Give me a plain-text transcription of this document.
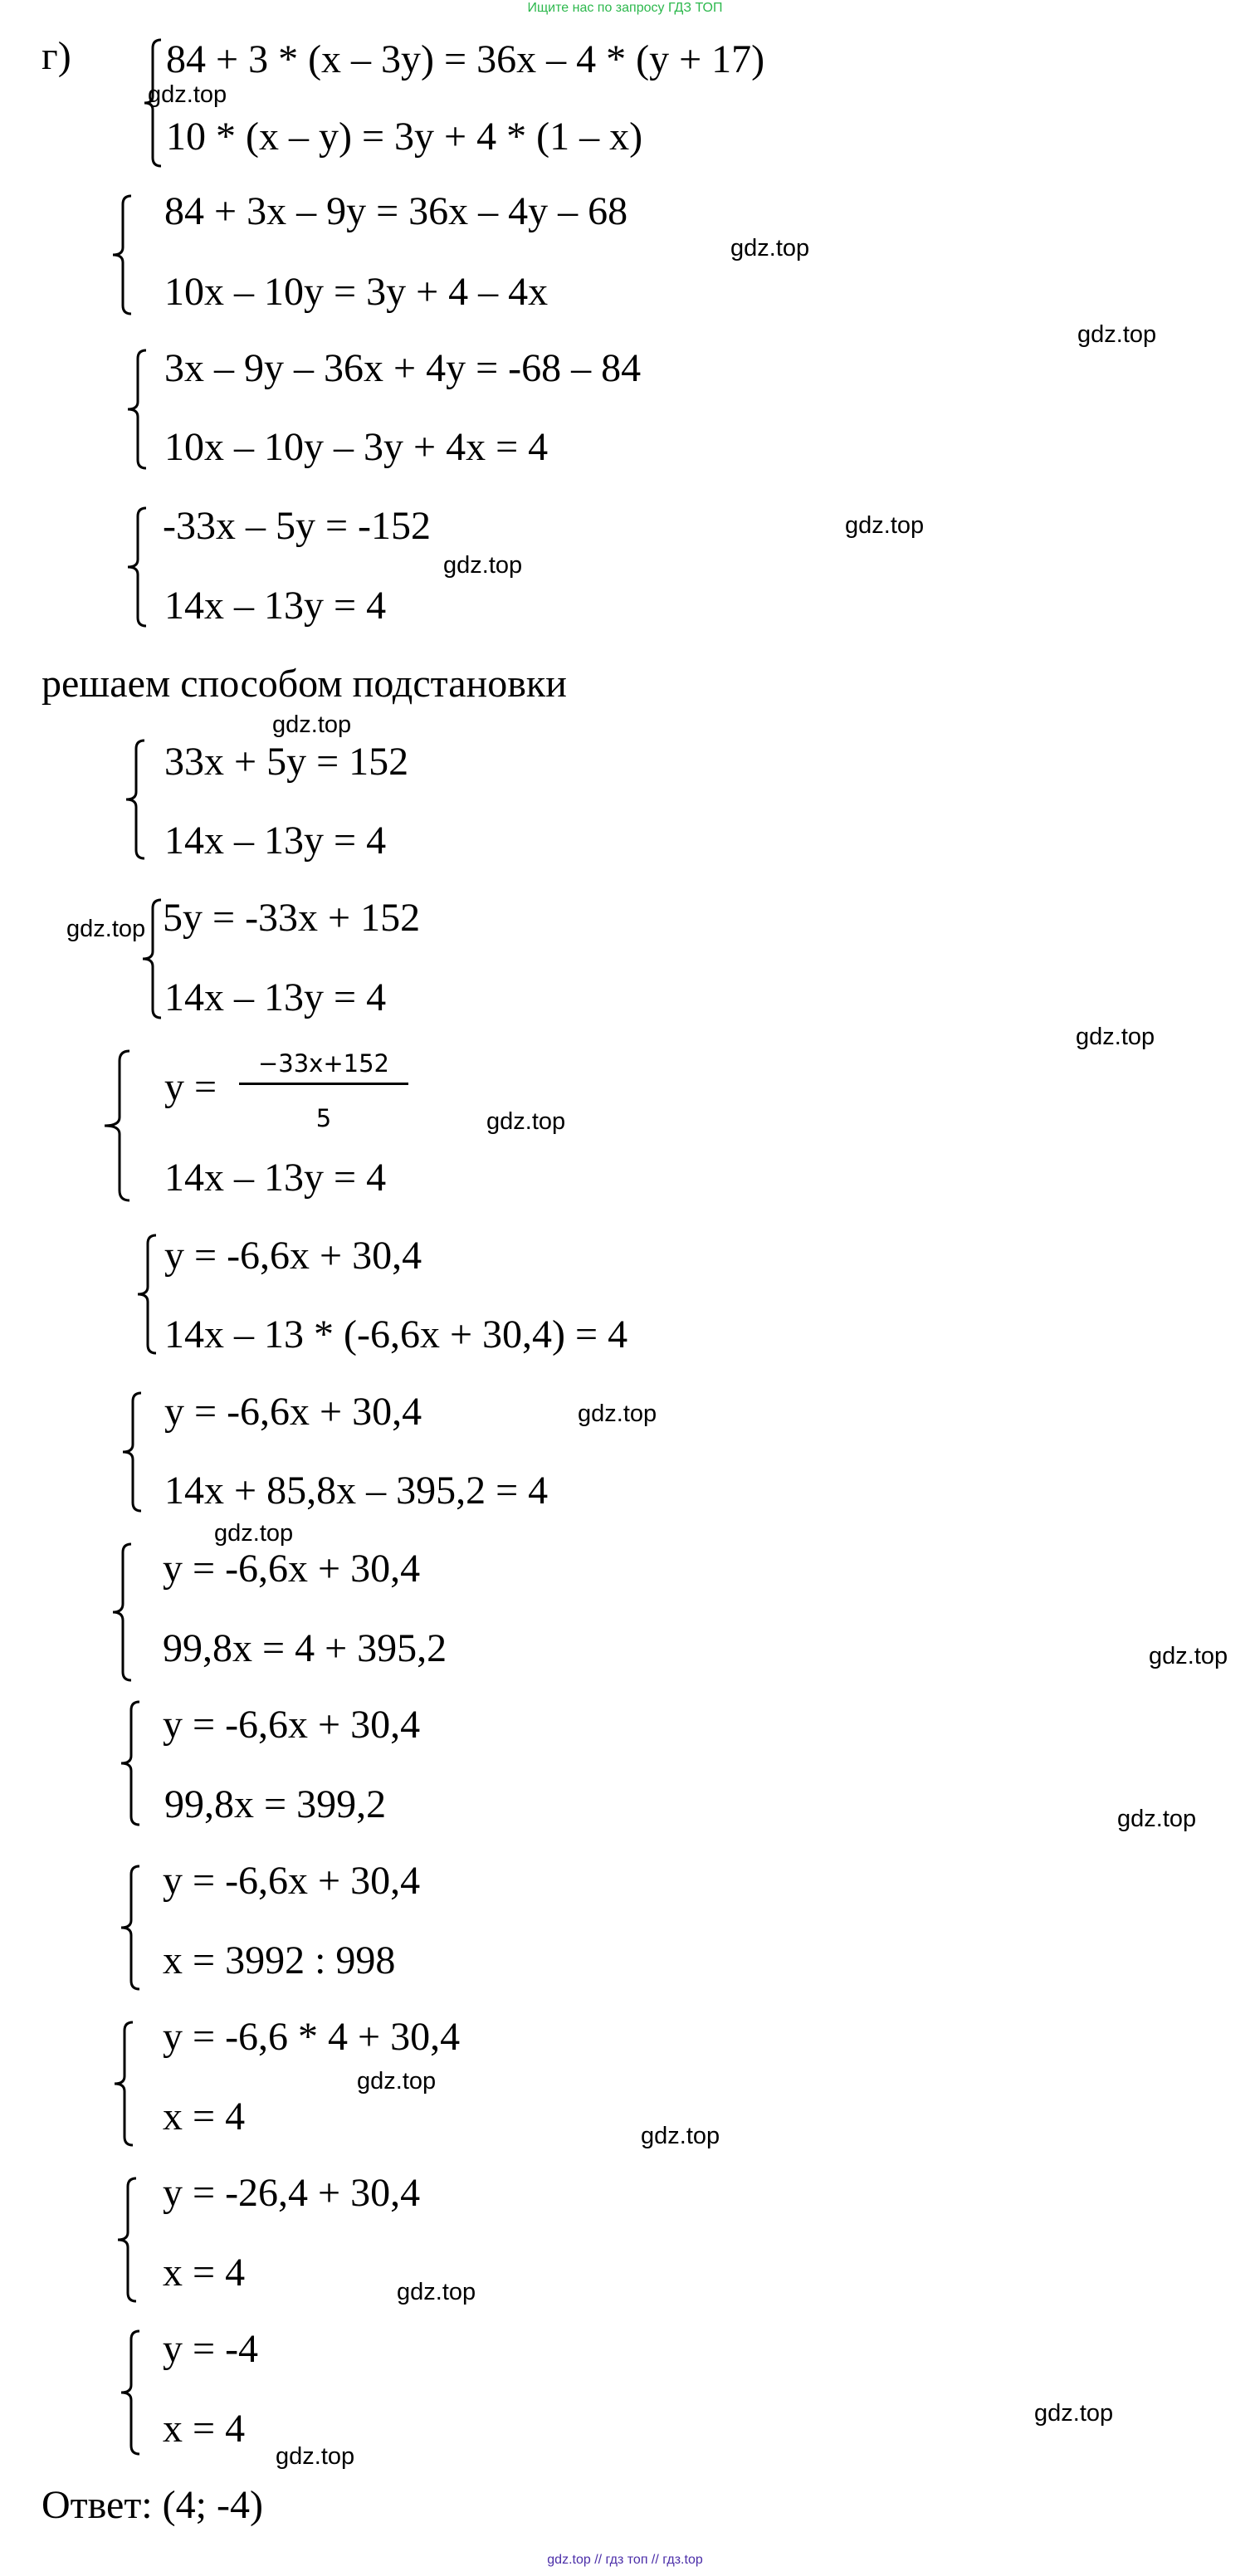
Ищите нас по запросу ГДЗ ТОП
г) 84 + 3 * (x – 3y) = 36x – 4 * (y + 17)
10 * (x – y) = 3y + 4 * (1 – x)
84 + 3x – 9y = 36x – 4y – 68
10x – 10y = 3y + 4 – 4x
3x – 9y – 36x + 4y = -68 – 84
10x – 10y – 3y + 4x = 4
-33x – 5y = -152
14x – 13y = 4
решаем способом подстановки
33x + 5y = 152
14x – 13y = 4
5y = -33x + 152
14x – 13y = 4
y =
−33x+152
5
14x – 13y = 4
y = -6,6x + 30,4
14x – 13 * (-6,6x + 30,4) = 4
y = -6,6x + 30,4
14x + 85,8x – 395,2 = 4
y = -6,6x + 30,4
99,8x = 4 + 395,2
y = -6,6x + 30,4
99,8x = 399,2
y = -6,6x + 30,4
x = 3992 : 998
y = -6,6 * 4 + 30,4
x = 4
y = -26,4 + 30,4
x = 4
y = -4
x = 4
Ответ: (4; -4)
gdz.top
gdz.top
gdz.top
gdz.top
gdz.top
gdz.top
gdz.top
gdz.top
gdz.top
gdz.top
gdz.top
gdz.top
gdz.top
gdz.top
gdz.top
gdz.top
gdz.top
gdz.top
gdz.top // гдз топ // гдз.top
